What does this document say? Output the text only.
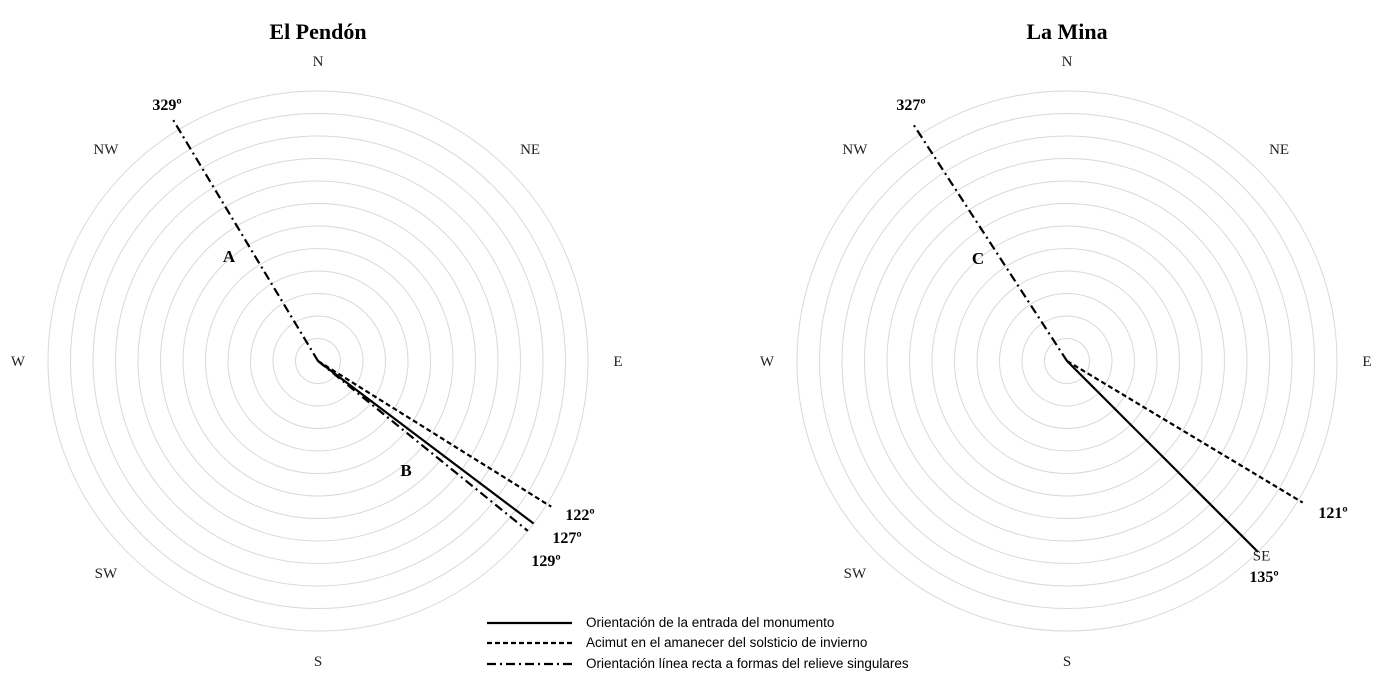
El Pendón
N
NE
E
S
SW
W
NW
329º
122º
127º
129º
A
B
La Mina
N
NE
E
SE
S
SW
W
NW
327º
121º
135º
C
Orientación de la entrada del monumento
Acimut en el amanecer del solsticio de invierno
Orientación línea recta a formas del relieve singulares
